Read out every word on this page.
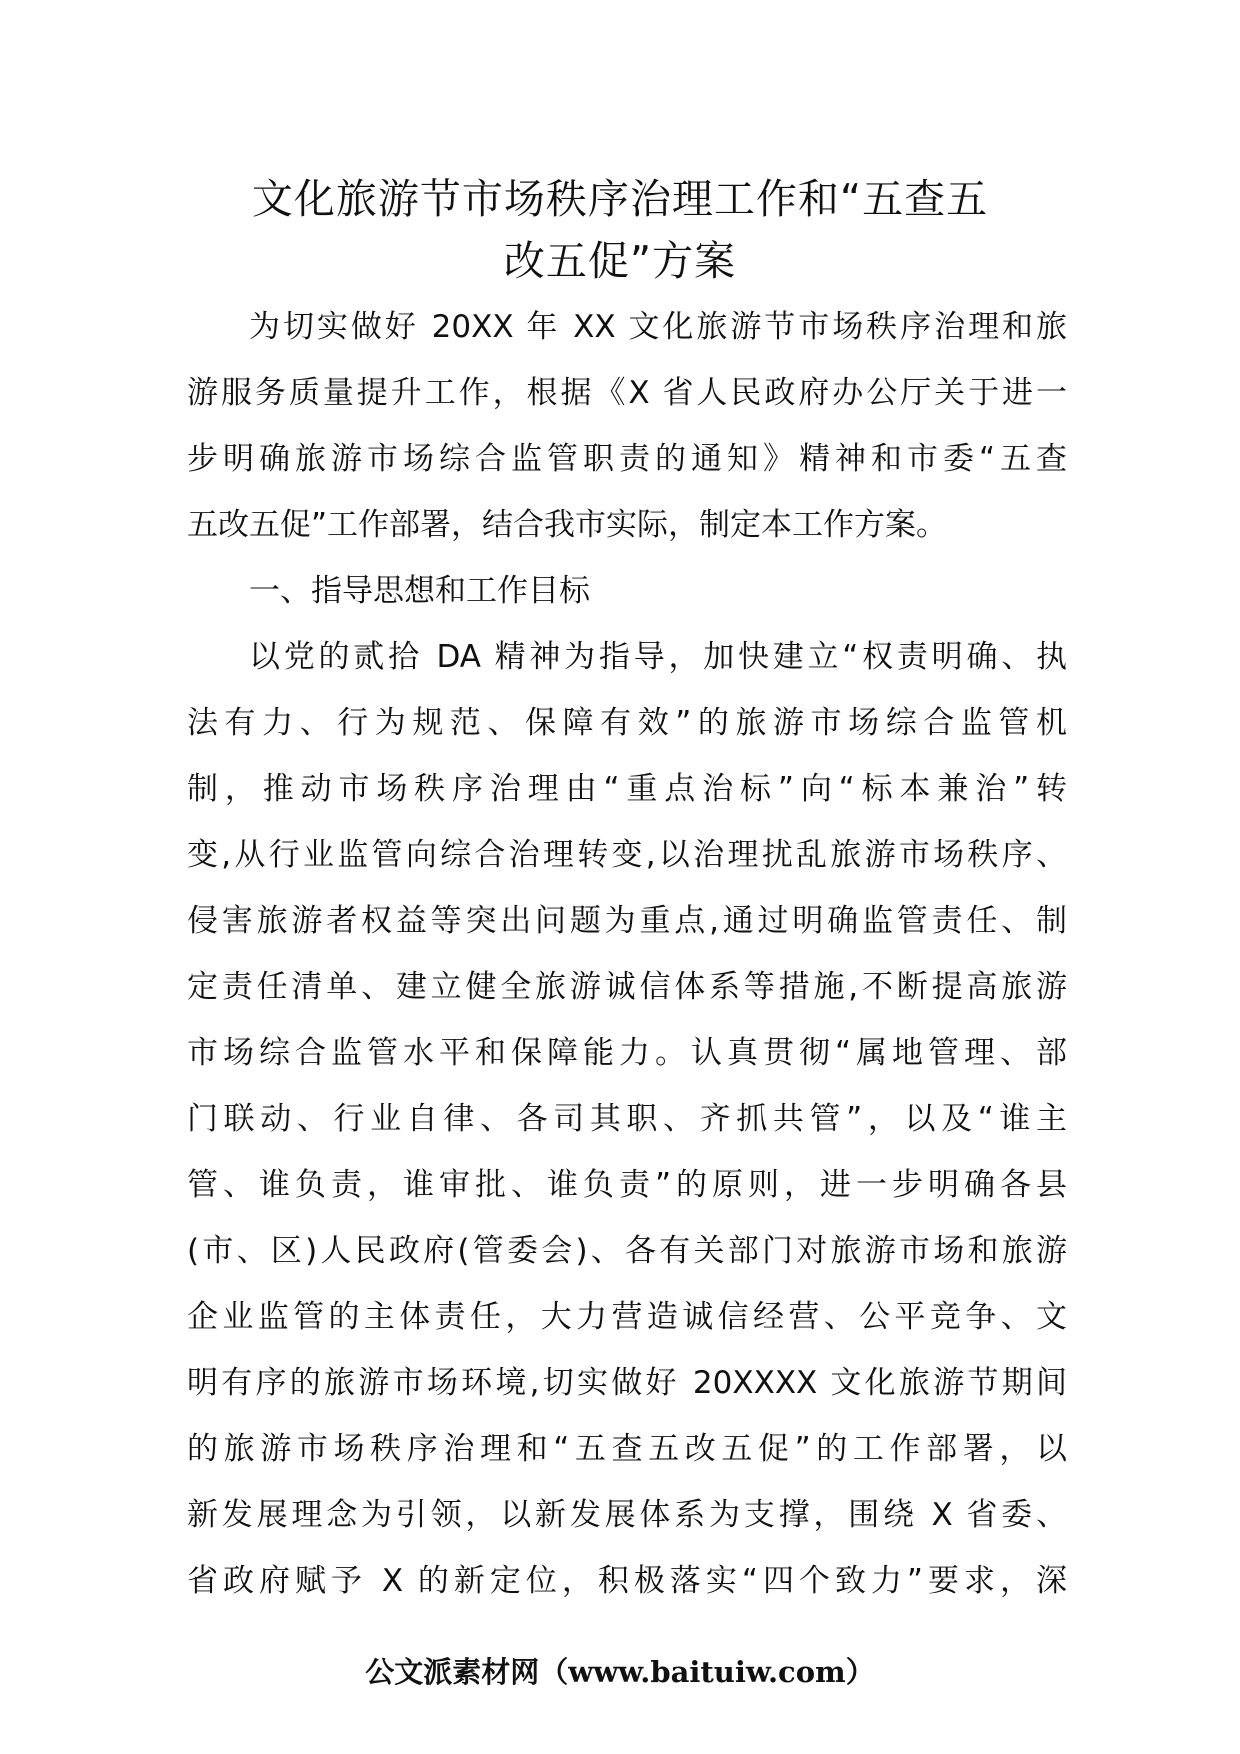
文化旅游节市场秩序治理工作和“五查五
改五促”方案
为切实做好 20XX 年 XX 文化旅游节市场秩序治理和旅
游服务质量提升工作，根据《X 省人民政府办公厅关于进一
步明确旅游市场综合监管职责的通知》精神和市委“五查
五改五促”工作部署，结合我市实际，制定本工作方案。
一、指导思想和工作目标
以党的贰拾 DA 精神为指导，加快建立“权责明确、执
法有力、行为规范、保障有效”的旅游市场综合监管机
制，推动市场秩序治理由“重点治标”向“标本兼治”转
变,从行业监管向综合治理转变,以治理扰乱旅游市场秩序、
侵害旅游者权益等突出问题为重点,通过明确监管责任、制
定责任清单、建立健全旅游诚信体系等措施,不断提高旅游
市场综合监管水平和保障能力。认真贯彻“属地管理、部
门联动、行业自律、各司其职、齐抓共管”，以及“谁主
管、谁负责，谁审批、谁负责”的原则，进一步明确各县
(市、区)人民政府(管委会)、各有关部门对旅游市场和旅游
企业监管的主体责任，大力营造诚信经营、公平竞争、文
明有序的旅游市场环境,切实做好 20XXXX 文化旅游节期间
的旅游市场秩序治理和“五查五改五促”的工作部署，以
新发展理念为引领，以新发展体系为支撑，围绕 X 省委、
省政府赋予 X 的新定位，积极落实“四个致力”要求，深
公文派素材网（www.baituiw.com）
